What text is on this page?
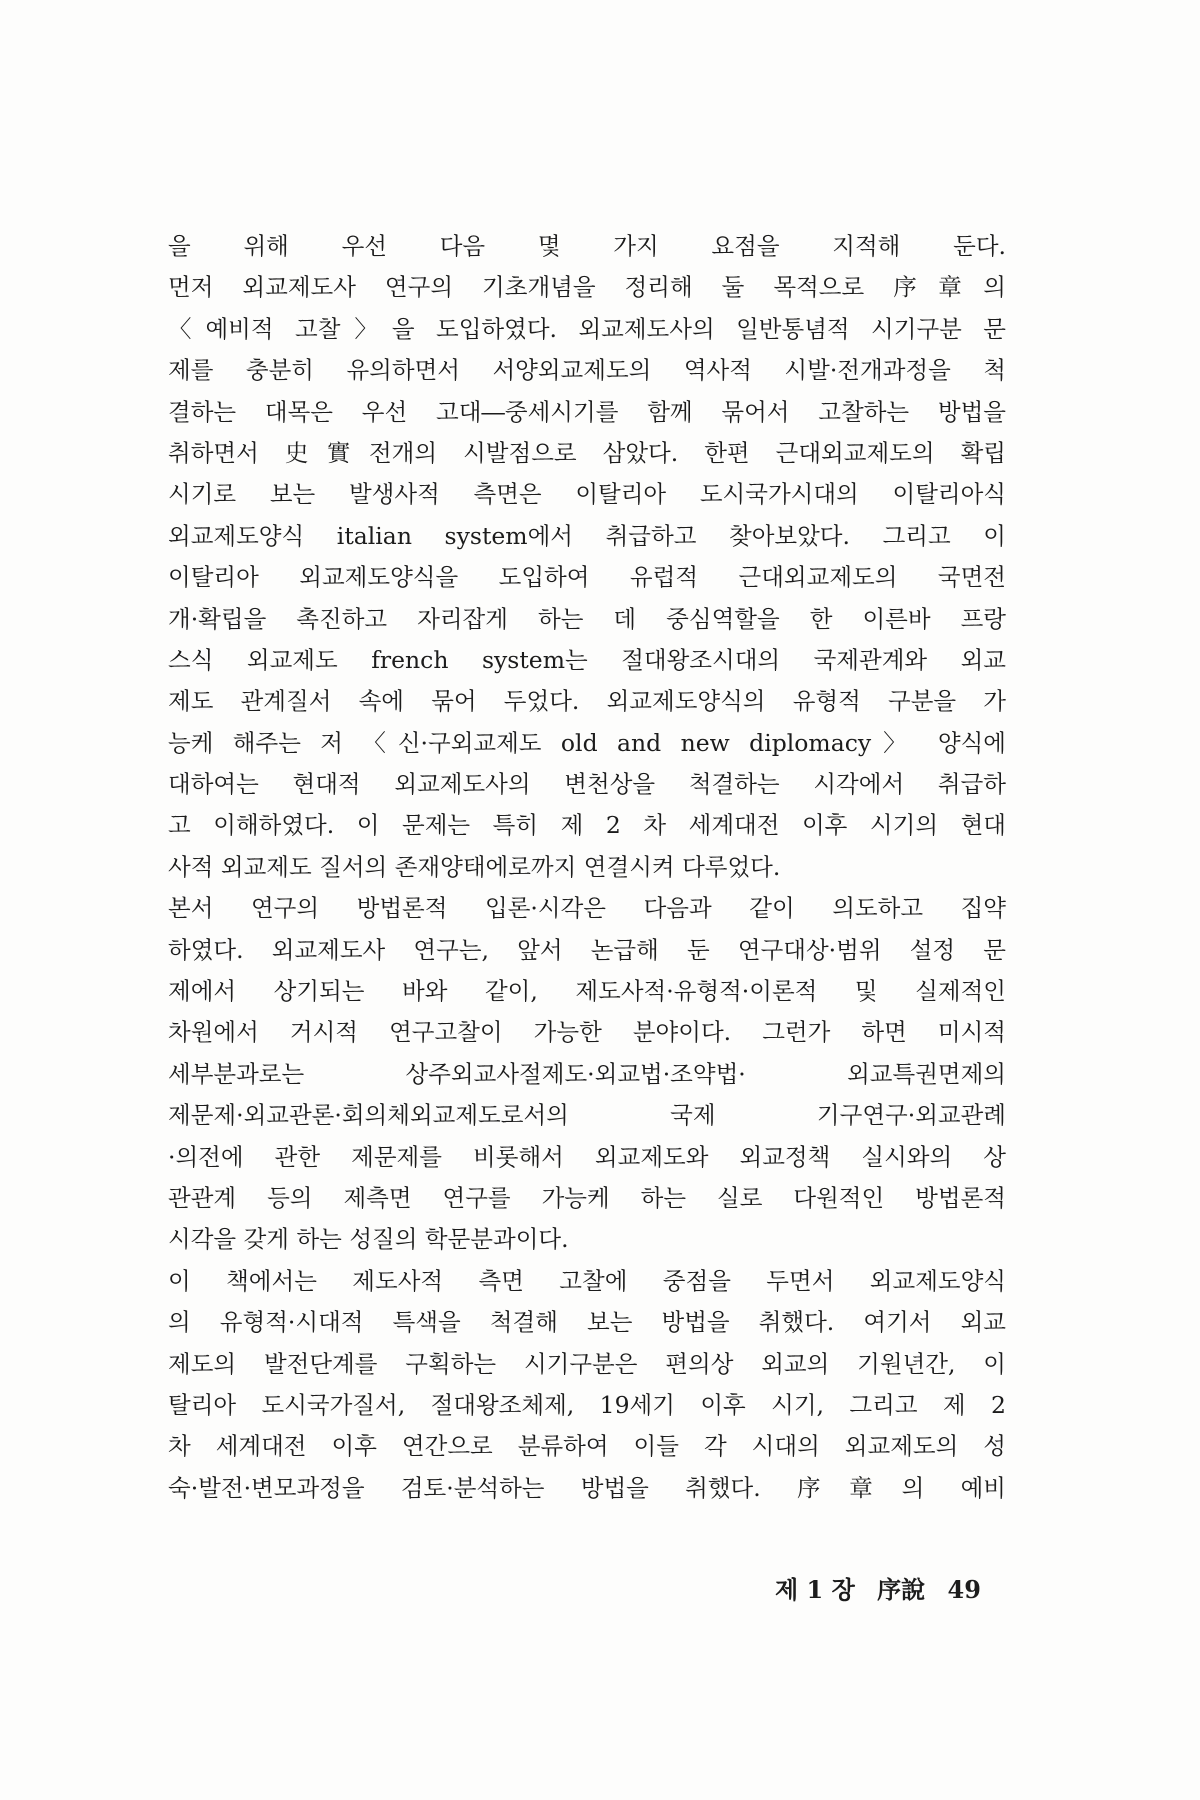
을 위해 우선 다음 몇 가지 요점을 지적해 둔다.
먼저 외교제도사 연구의 기초개념을 정리해 둘 목적으로 序章의
〈예비적 고찰〉을 도입하였다. 외교제도사의 일반통념적 시기구분 문
제를 충분히 유의하면서 서양외교제도의 역사적 시발·전개과정을 척
결하는 대목은 우선 고대―중세시기를 함께 묶어서 고찰하는 방법을
취하면서 史實전개의 시발점으로 삼았다. 한편 근대외교제도의 확립
시기로 보는 발생사적 측면은 이탈리아 도시국가시대의 이탈리아식
외교제도양식 italian system에서 취급하고 찾아보았다. 그리고 이
이탈리아 외교제도양식을 도입하여 유럽적 근대외교제도의 국면전
개·확립을 촉진하고 자리잡게 하는 데 중심역할을 한 이른바 프랑
스식 외교제도 french system는 절대왕조시대의 국제관계와 외교
제도 관계질서 속에 묶어 두었다. 외교제도양식의 유형적 구분을 가
능케 해주는 저 〈신·구외교제도 old and new diplomacy〉 양식에
대하여는 현대적 외교제도사의 변천상을 척결하는 시각에서 취급하
고 이해하였다. 이 문제는 특히 제 2 차 세계대전 이후 시기의 현대
사적 외교제도 질서의 존재양태에로까지 연결시켜 다루었다.
본서 연구의 방법론적 입론·시각은 다음과 같이 의도하고 집약
하였다. 외교제도사 연구는, 앞서 논급해 둔 연구대상·범위 설정 문
제에서 상기되는 바와 같이, 제도사적·유형적·이론적 및 실제적인
차원에서 거시적 연구고찰이 가능한 분야이다. 그런가 하면 미시적
세부분과로는 상주외교사절제도·외교법·조약법· 외교특권면제의
제문제·외교관론·회의체외교제도로서의 국제 기구연구·외교관례
·의전에 관한 제문제를 비롯해서 외교제도와 외교정책 실시와의 상
관관계 등의 제측면 연구를 가능케 하는 실로 다원적인 방법론적
시각을 갖게 하는 성질의 학문분과이다.
이 책에서는 제도사적 측면 고찰에 중점을 두면서 외교제도양식
의 유형적·시대적 특색을 척결해 보는 방법을 취했다. 여기서 외교
제도의 발전단계를 구획하는 시기구분은 편의상 외교의 기원년간, 이
탈리아 도시국가질서, 절대왕조체제, 19세기 이후 시기, 그리고 제 2
차 세계대전 이후 연간으로 분류하여 이들 각 시대의 외교제도의 성
숙·발전·변모과정을 검토·분석하는 방법을 취했다. 序章의 예비
제 1 장 序說 49
